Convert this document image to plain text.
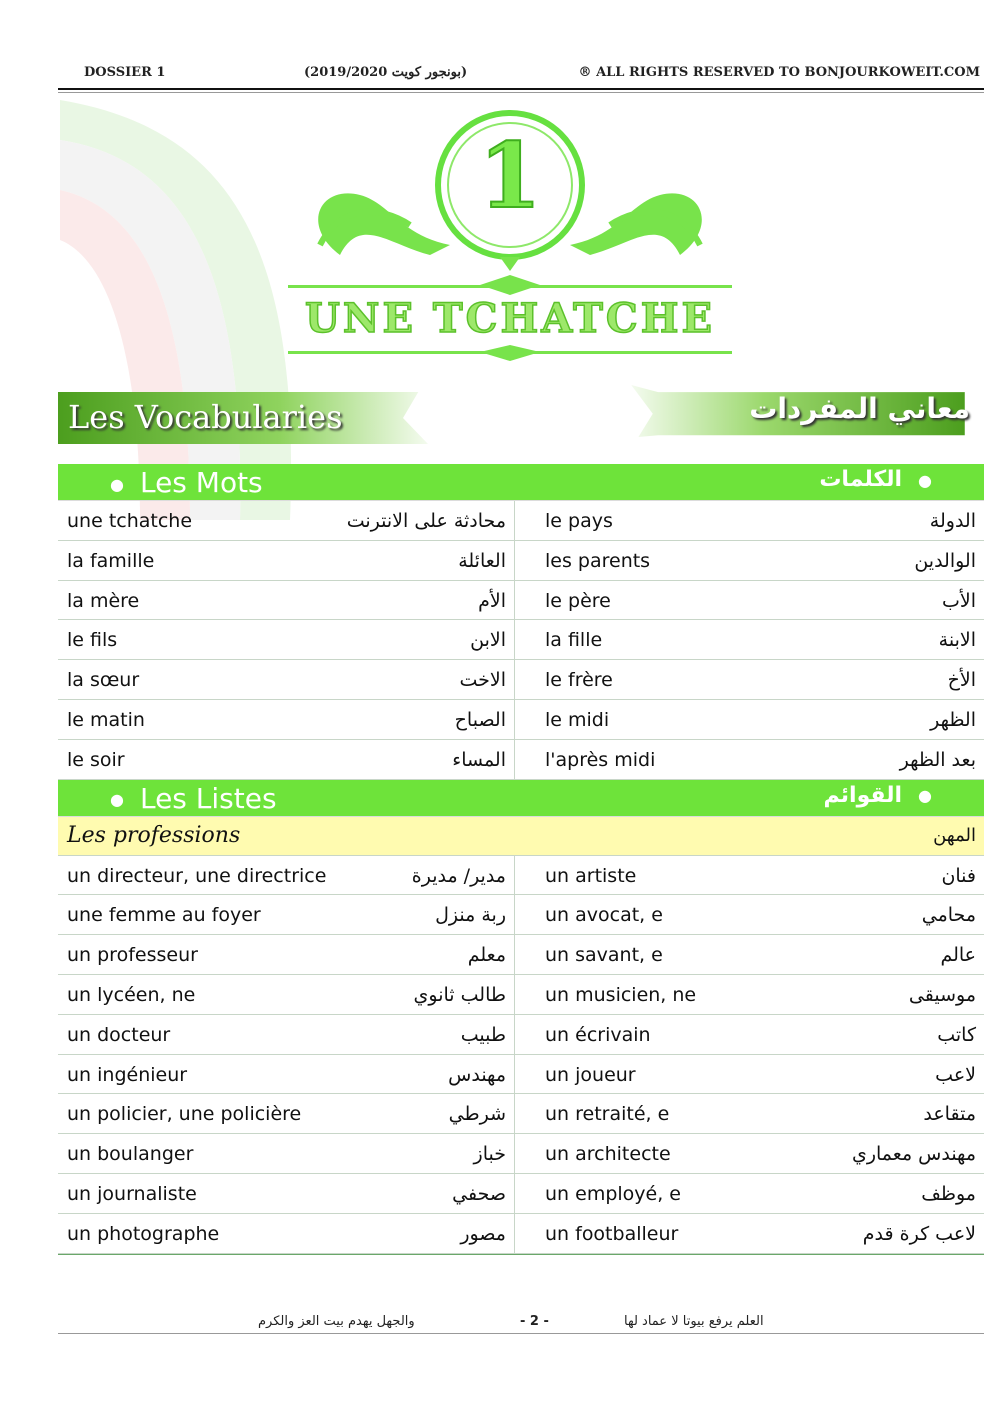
DOSSIER 1	(2019/2020 ‎بونجور كويت‎)	® ALL RIGHTS RESERVED TO BONJOURKOWEIT.COM
1
UNE TCHATCHE
Les Vocabularies	معاني المفردات
● Les Mots	●الكلمات
une tchatche	محادثة على الانترنت le pays	الدولة
la famille	العائلة les parents	الوالدين
la mère	الأم le père	الأب
le fils	الابن la fille	الابنة
la sœur	الاخت le frère	الأخ
le matin	الصباح le midi	الظهر
le soir	المساء l'après midi	بعد الظهر
● Les Listes	●القوائم
Les professions	المهن
un directeur, une directrice	مدير/ مديرة un artiste	فنان
une femme au foyer	ربة منزل un avocat, e	محامي
un professeur	معلم un savant, e	عالم
un lycéen, ne	طالب ثانوي un musicien, ne	موسيقى
un docteur	طبيب un écrivain	كاتب
un ingénieur	مهندس un joueur	لاعب
un policier, une policière	شرطي un retraité, e	متقاعد
un boulanger	خباز un architecte	مهندس معماري
un journaliste	صحفي un employé, e	موظف
un photographe	مصور un footballeur	لاعب كرة قدم
والجهل يهدم بيت العز والكرم	- 2 -	العلم يرفع بيوتا لا عماد لها
